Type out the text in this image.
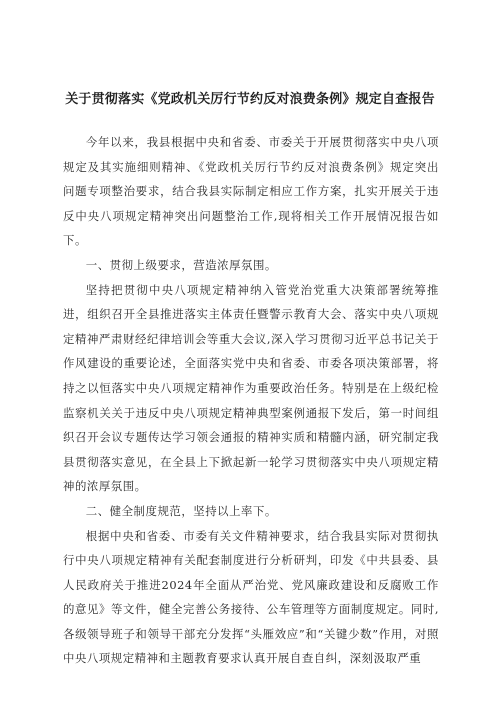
关于贯彻落实《党政机关厉行节约反对浪费条例》规定自查报告

今年以来，我县根据中央和省委、市委关于开展贯彻落实中央八项规定及其实施细则精神、《党政机关厉行节约反对浪费条例》规定突出问题专项整治要求，结合我县实际制定相应工作方案，扎实开展关于违反中央八项规定精神突出问题整治工作,现将相关工作开展情况报告如下。

一、贯彻上级要求，营造浓厚氛围。

坚持把贯彻中央八项规定精神纳入管党治党重大决策部署统筹推进，组织召开全县推进落实主体责任暨警示教育大会、落实中央八项规定精神严肃财经纪律培训会等重大会议,深入学习贯彻习近平总书记关于作风建设的重要论述，全面落实党中央和省委、市委各项决策部署，将持之以恒落实中央八项规定精神作为重要政治任务。特别是在上级纪检监察机关关于违反中央八项规定精神典型案例通报下发后，第一时间组织召开会议专题传达学习领会通报的精神实质和精髓内涵，研究制定我县贯彻落实意见，在全县上下掀起新一轮学习贯彻落实中央八项规定精神的浓厚氛围。

二、健全制度规范，坚持以上率下。

根据中央和省委、市委有关文件精神要求，结合我县实际对贯彻执行中央八项规定精神有关配套制度进行分析研判，印发《中共县委、县人民政府关于推进2024年全面从严治党、党风廉政建设和反腐败工作的意见》等文件，健全完善公务接待、公车管理等方面制度规定。同时,各级领导班子和领导干部充分发挥“头雁效应”和“关键少数”作用，对照中央八项规定精神和主题教育要求认真开展自查自纠，深刻汲取严重
